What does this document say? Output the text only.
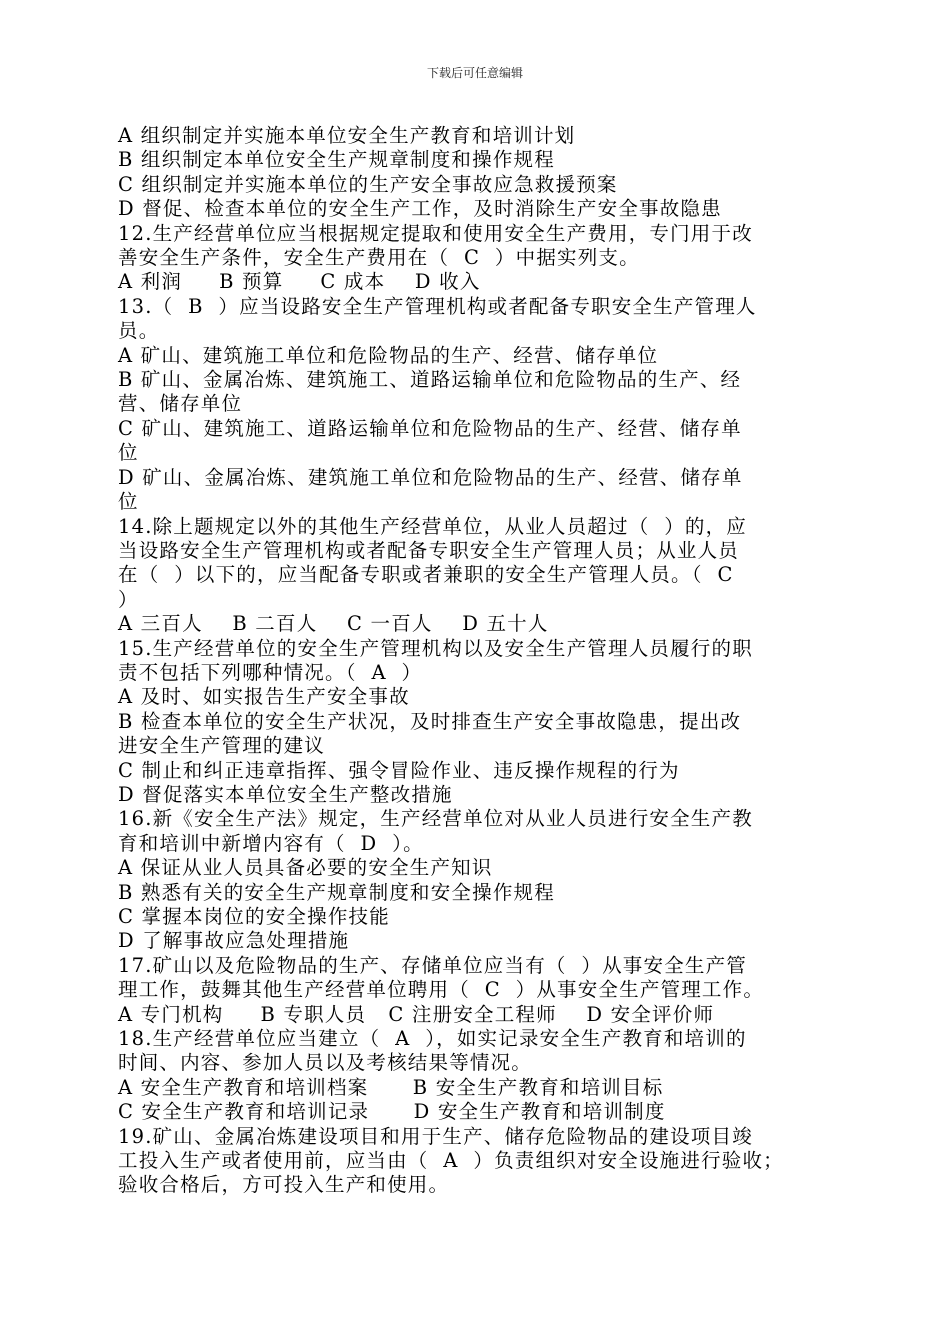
下载后可任意编辑
A 组织制定并实施本单位安全生产教育和培训计划
B 组织制定本单位安全生产规章制度和操作规程
C 组织制定并实施本单位的生产安全事故应急救援预案
D 督促、检查本单位的安全生产工作，及时消除生产安全事故隐患
12.生产经营单位应当根据规定提取和使用安全生产费用，专门用于改
善安全生产条件，安全生产费用在（  C  ）中据实列支。
A 利润     B 预算     C 成本    D 收入
13.（  B  ）应当设路安全生产管理机构或者配备专职安全生产管理人
员。
A 矿山、建筑施工单位和危险物品的生产、经营、储存单位
B 矿山、金属冶炼、建筑施工、道路运输单位和危险物品的生产、经
营、储存单位
C 矿山、建筑施工、道路运输单位和危险物品的生产、经营、储存单
位
D 矿山、金属冶炼、建筑施工单位和危险物品的生产、经营、储存单
位
14.除上题规定以外的其他生产经营单位，从业人员超过（  ）的，应
当设路安全生产管理机构或者配备专职安全生产管理人员；从业人员
在（  ）以下的，应当配备专职或者兼职的安全生产管理人员。（  C
）
A 三百人    B 二百人    C 一百人    D 五十人
15.生产经营单位的安全生产管理机构以及安全生产管理人员履行的职
责不包括下列哪种情况。（  A  ）
A 及时、如实报告生产安全事故
B 检查本单位的安全生产状况，及时排查生产安全事故隐患，提出改
进安全生产管理的建议
C 制止和纠正违章指挥、强令冒险作业、违反操作规程的行为
D 督促落实本单位安全生产整改措施
16.新《安全生产法》规定，生产经营单位对从业人员进行安全生产教
育和培训中新增内容有（  D  ）。
A 保证从业人员具备必要的安全生产知识
B 熟悉有关的安全生产规章制度和安全操作规程
C 掌握本岗位的安全操作技能
D 了解事故应急处理措施
17.矿山以及危险物品的生产、存储单位应当有（  ）从事安全生产管
理工作，鼓舞其他生产经营单位聘用（  C  ）从事安全生产管理工作。
A 专门机构     B 专职人员   C 注册安全工程师    D 安全评价师
18.生产经营单位应当建立（  A  ），如实记录安全生产教育和培训的
时间、内容、参加人员以及考核结果等情况。
A 安全生产教育和培训档案      B 安全生产教育和培训目标
C 安全生产教育和培训记录      D 安全生产教育和培训制度
19.矿山、金属冶炼建设项目和用于生产、储存危险物品的建设项目竣
工投入生产或者使用前，应当由（  A  ）负责组织对安全设施进行验收；
验收合格后，方可投入生产和使用。
